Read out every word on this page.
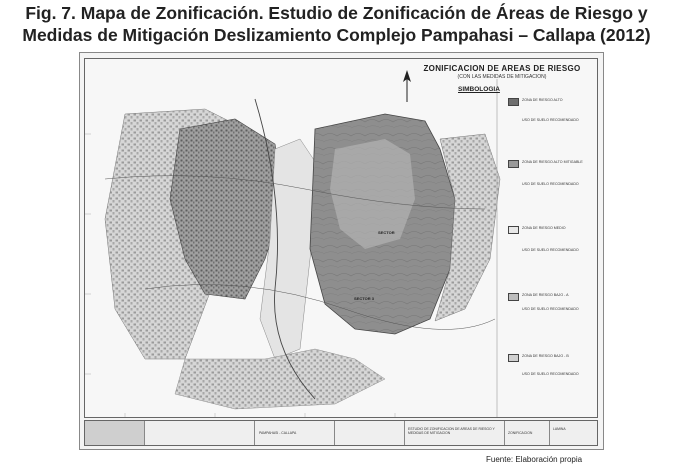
Fig. 7. Mapa de Zonificación. Estudio de Zonificación de Áreas de Riesgo y
Medidas de Mitigación Deslizamiento Complejo Pampahasi – Callapa (2012)
SECTOR
SECTOR 3
ZONIFICACION DE AREAS DE RIESGO
(CON LAS MEDIDAS DE MITIGACION)
SIMBOLOGIA
ZONA DE RIESGO ALTO
USO DE SUELO RECOMENDADO
ZONA DE RIESGO ALTO MITIGABLE
USO DE SUELO RECOMENDADO
ZONA DE RIESGO MEDIO
USO DE SUELO RECOMENDADO
ZONA DE RIESGO BAJO - A
USO DE SUELO RECOMENDADO
ZONA DE RIESGO BAJO - B
USO DE SUELO RECOMENDADO
PAMPAHASI - CALLAPA
ESTUDIO DE ZONIFICACION DE AREAS DE RIESGO Y MEDIDAS DE MITIGACION	ZONIFICACION
LAMINA
Fuente: Elaboración propia
